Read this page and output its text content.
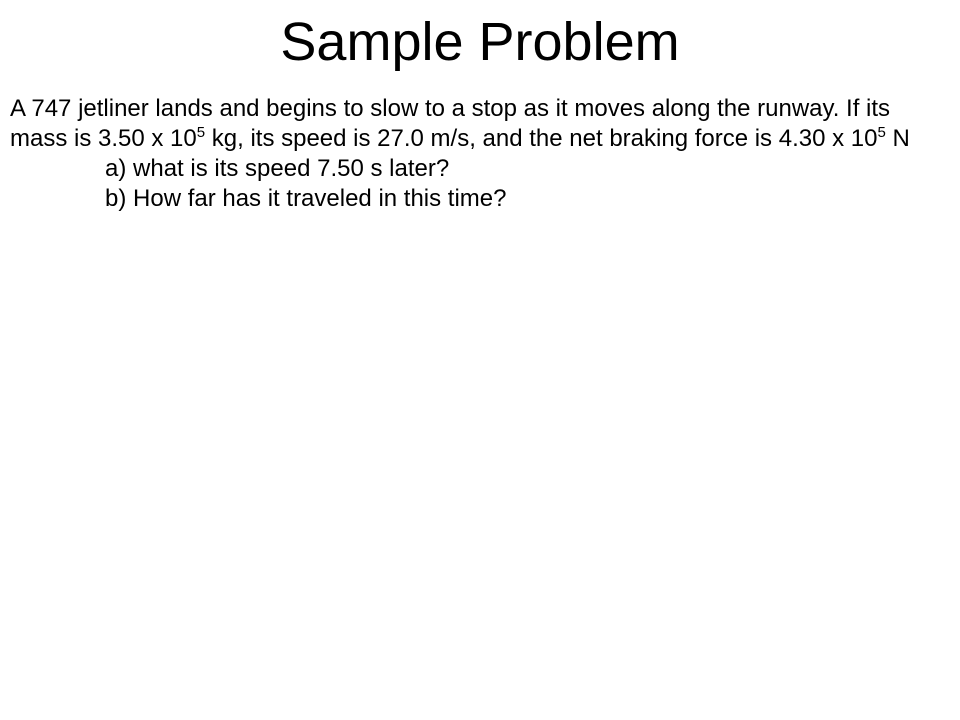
Sample Problem

A 747 jetliner lands and begins to slow to a stop as it moves along the runway. If its mass is 3.50 x $10^5$ kg, its speed is 27.0 m/s, and the net braking force is 4.30 x $10^5$ N

a) what is its speed 7.50 s later?

b) How far has it traveled in this time?
